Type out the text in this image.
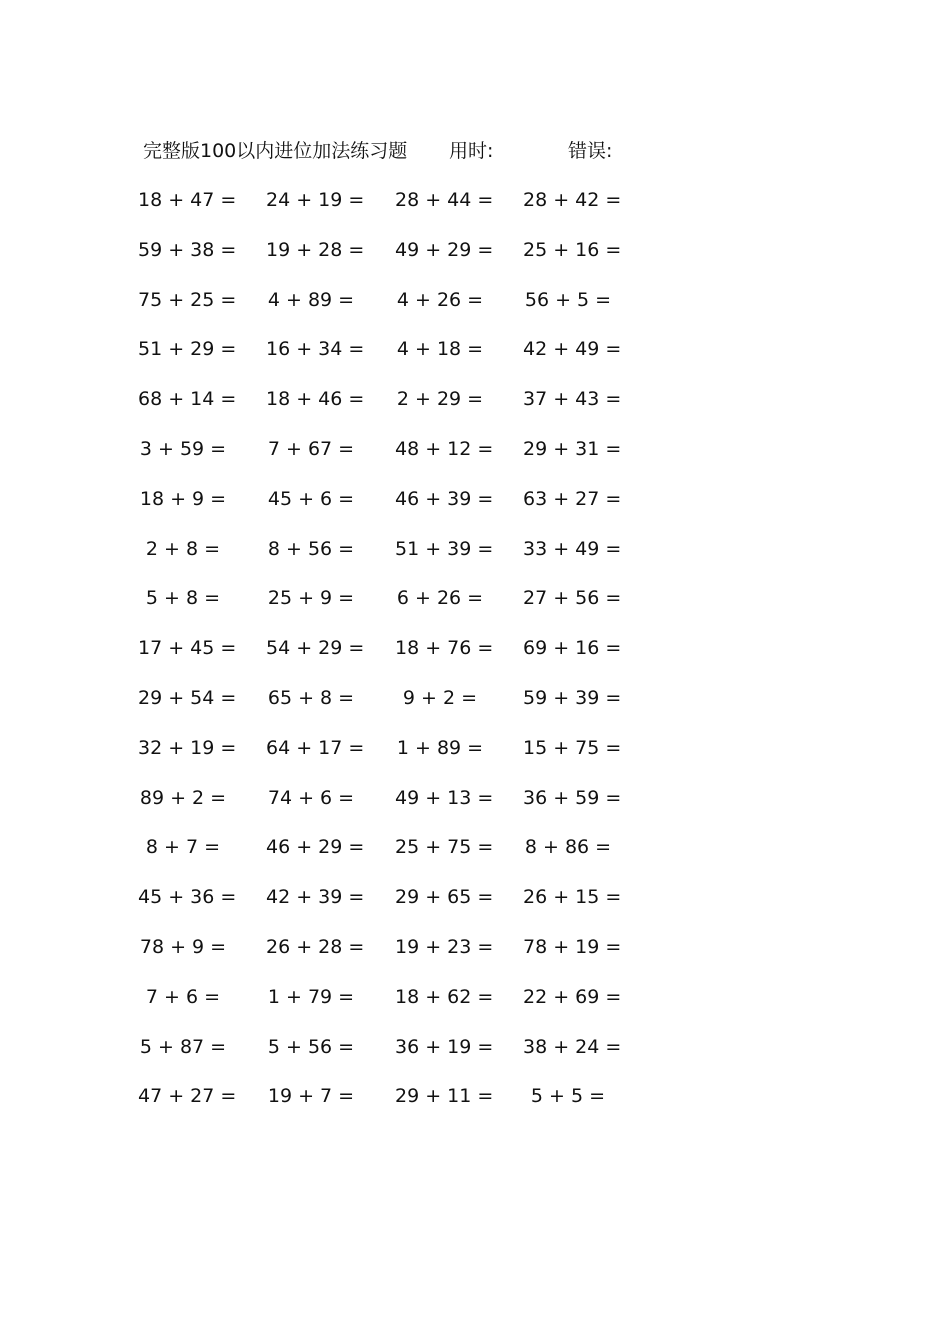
完整版100以内进位加法练习题 用时:	错误:
18 + 47 = 24 + 19 = 28 + 44 = 28 + 42 =
59 + 38 = 19 + 28 = 49 + 29 = 25 + 16 =
75 + 25 = 4 + 89 = 4 + 26 = 56 + 5 =
51 + 29 = 16 + 34 = 4 + 18 = 42 + 49 =
68 + 14 = 18 + 46 = 2 + 29 = 37 + 43 =
3 + 59 = 7 + 67 = 48 + 12 = 29 + 31 =
18 + 9 = 45 + 6 = 46 + 39 = 63 + 27 =
2 + 8 =	8 + 56 = 51 + 39 = 33 + 49 =
5 + 8 =	25 + 9 = 6 + 26 = 27 + 56 =
17 + 45 = 54 + 29 = 18 + 76 = 69 + 16 =
29 + 54 = 65 + 8 =	9 + 2 =	59 + 39 =
32 + 19 = 64 + 17 = 1 + 89 = 15 + 75 =
89 + 2 = 74 + 6 = 49 + 13 = 36 + 59 =
8 + 7 =	46 + 29 = 25 + 75 = 8 + 86 =
45 + 36 = 42 + 39 = 29 + 65 = 26 + 15 =
78 + 9 = 26 + 28 = 19 + 23 = 78 + 19 =
7 + 6 =	1 + 79 = 18 + 62 = 22 + 69 =
5 + 87 = 5 + 56 = 36 + 19 = 38 + 24 =
47 + 27 = 19 + 7 = 29 + 11 =	5 + 5 =
